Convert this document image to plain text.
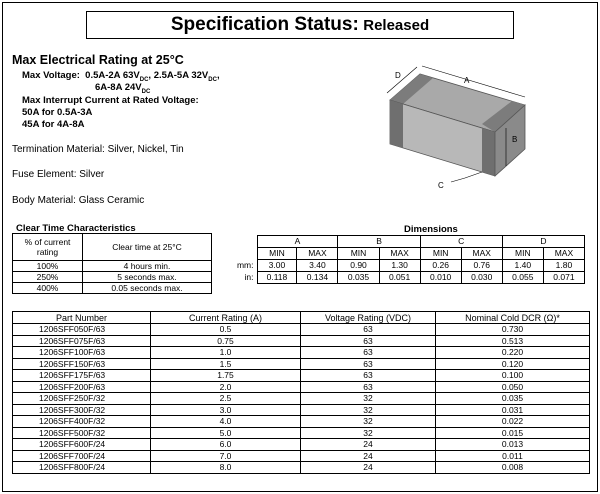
Specification Status: Released
Max Electrical Rating at 25°C
Max Voltage: 0.5A-2A $63V_{DC}$, 2.5A-5A $32V_{DC}$,
6A-8A $24V_{DC}$
Max Interrupt Current at Rated Voltage:
50A for 0.5A-3A
45A for 4A-8A
Termination Material: Silver, Nickel, Tin
Fuse Element: Silver
Body Material: Glass Ceramic
A
B
C
D
Clear Time Characteristics
% of current rating	Clear time at 25°C
100%	4 hours min.
250%	5 seconds max.
400%	0.05 seconds max.
Dimensions
	A		B		C		D	
	MIN	MAX	MIN	MAX	MIN	MAX	MIN	MAX
mm:	3.00	3.40	0.90	1.30	0.26	0.76	1.40	1.80
in:	0.118	0.134	0.035	0.051	0.010	0.030	0.055	0.071
Part Number	Current Rating (A)	Voltage Rating (VDC)	Nominal Cold DCR (Ω)*
1206SFF050F/63	0.5	63	0.730
1206SFF075F/63	0.75	63	0.513
1206SFF100F/63	1.0	63	0.220
1206SFF150F/63	1.5	63	0.120
1206SFF175F/63	1.75	63	0.100
1206SFF200F/63	2.0	63	0.050
1206SFF250F/32	2.5	32	0.035
1206SFF300F/32	3.0	32	0.031
1206SFF400F/32	4.0	32	0.022
1206SFF500F/32	5.0	32	0.015
1206SFF600F/24	6.0	24	0.013
1206SFF700F/24	7.0	24	0.011
1206SFF800F/24	8.0	24	0.008
